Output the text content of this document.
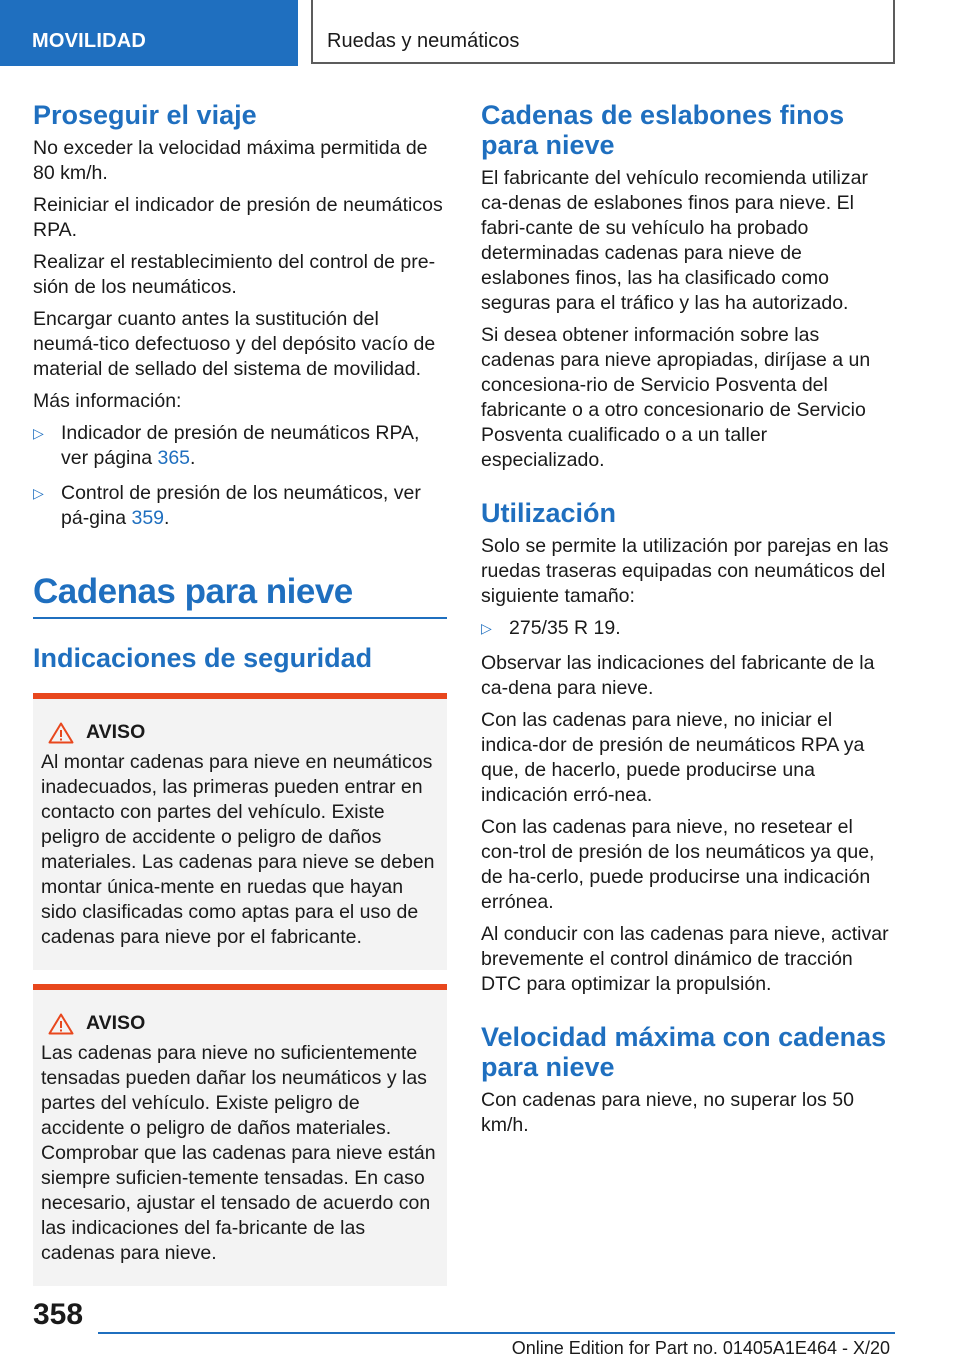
MOVILIDAD	Ruedas y neumáticos
Proseguir el viaje

No exceder la velocidad máxima permitida de 80 km/h.

Reiniciar el indicador de presión de neumáticos RPA.

Realizar el restablecimiento del control de pre‐sión de los neumáticos.

Encargar cuanto antes la sustitución del neumá‐tico defectuoso y del depósito vacío de material de sellado del sistema de movilidad.

Más información:

▷ Indicador de presión de neumáticos RPA, ver página 365.
▷ Control de presión de los neumáticos, ver pá‐gina 359.
Cadenas para nieve
Indicaciones de seguridad
AVISO

Al montar cadenas para nieve en neumáticos inadecuados, las primeras pueden entrar en contacto con partes del vehículo. Existe peligro de accidente o peligro de daños materiales. Las cadenas para nieve se deben montar única‐mente en ruedas que hayan sido clasificadas como aptas para el uso de cadenas para nieve por el fabricante.

AVISO

Las cadenas para nieve no suficientemente tensadas pueden dañar los neumáticos y las partes del vehículo. Existe peligro de accidente o peligro de daños materiales. Comprobar que las cadenas para nieve están siempre suficien‐temente tensadas. En caso necesario, ajustar el tensado de acuerdo con las indicaciones del fa‐bricante de las cadenas para nieve.

Cadenas de eslabones finos para nieve

El fabricante del vehículo recomienda utilizar ca‐denas de eslabones finos para nieve. El fabri‐cante de su vehículo ha probado determinadas cadenas para nieve de eslabones finos, las ha clasificado como seguras para el tráfico y las ha autorizado.

Si desea obtener información sobre las cadenas para nieve apropiadas, diríjase a un concesiona‐rio de Servicio Posventa del fabricante o a otro concesionario de Servicio Posventa cualificado o a un taller especializado.

Utilización

Solo se permite la utilización por parejas en las ruedas traseras equipadas con neumáticos del siguiente tamaño:

▷ 275/35 R 19.

Observar las indicaciones del fabricante de la ca‐dena para nieve.

Con las cadenas para nieve, no iniciar el indica‐dor de presión de neumáticos RPA ya que, de hacerlo, puede producirse una indicación erró‐nea.

Con las cadenas para nieve, no resetear el con‐trol de presión de los neumáticos ya que, de ha‐cerlo, puede producirse una indicación errónea.

Al conducir con las cadenas para nieve, activar brevemente el control dinámico de tracción DTC para optimizar la propulsión.

Velocidad máxima con cadenas para nieve

Con cadenas para nieve, no superar los 50 km/h.

358
Online Edition for Part no. 01405A1E464 - X/20
